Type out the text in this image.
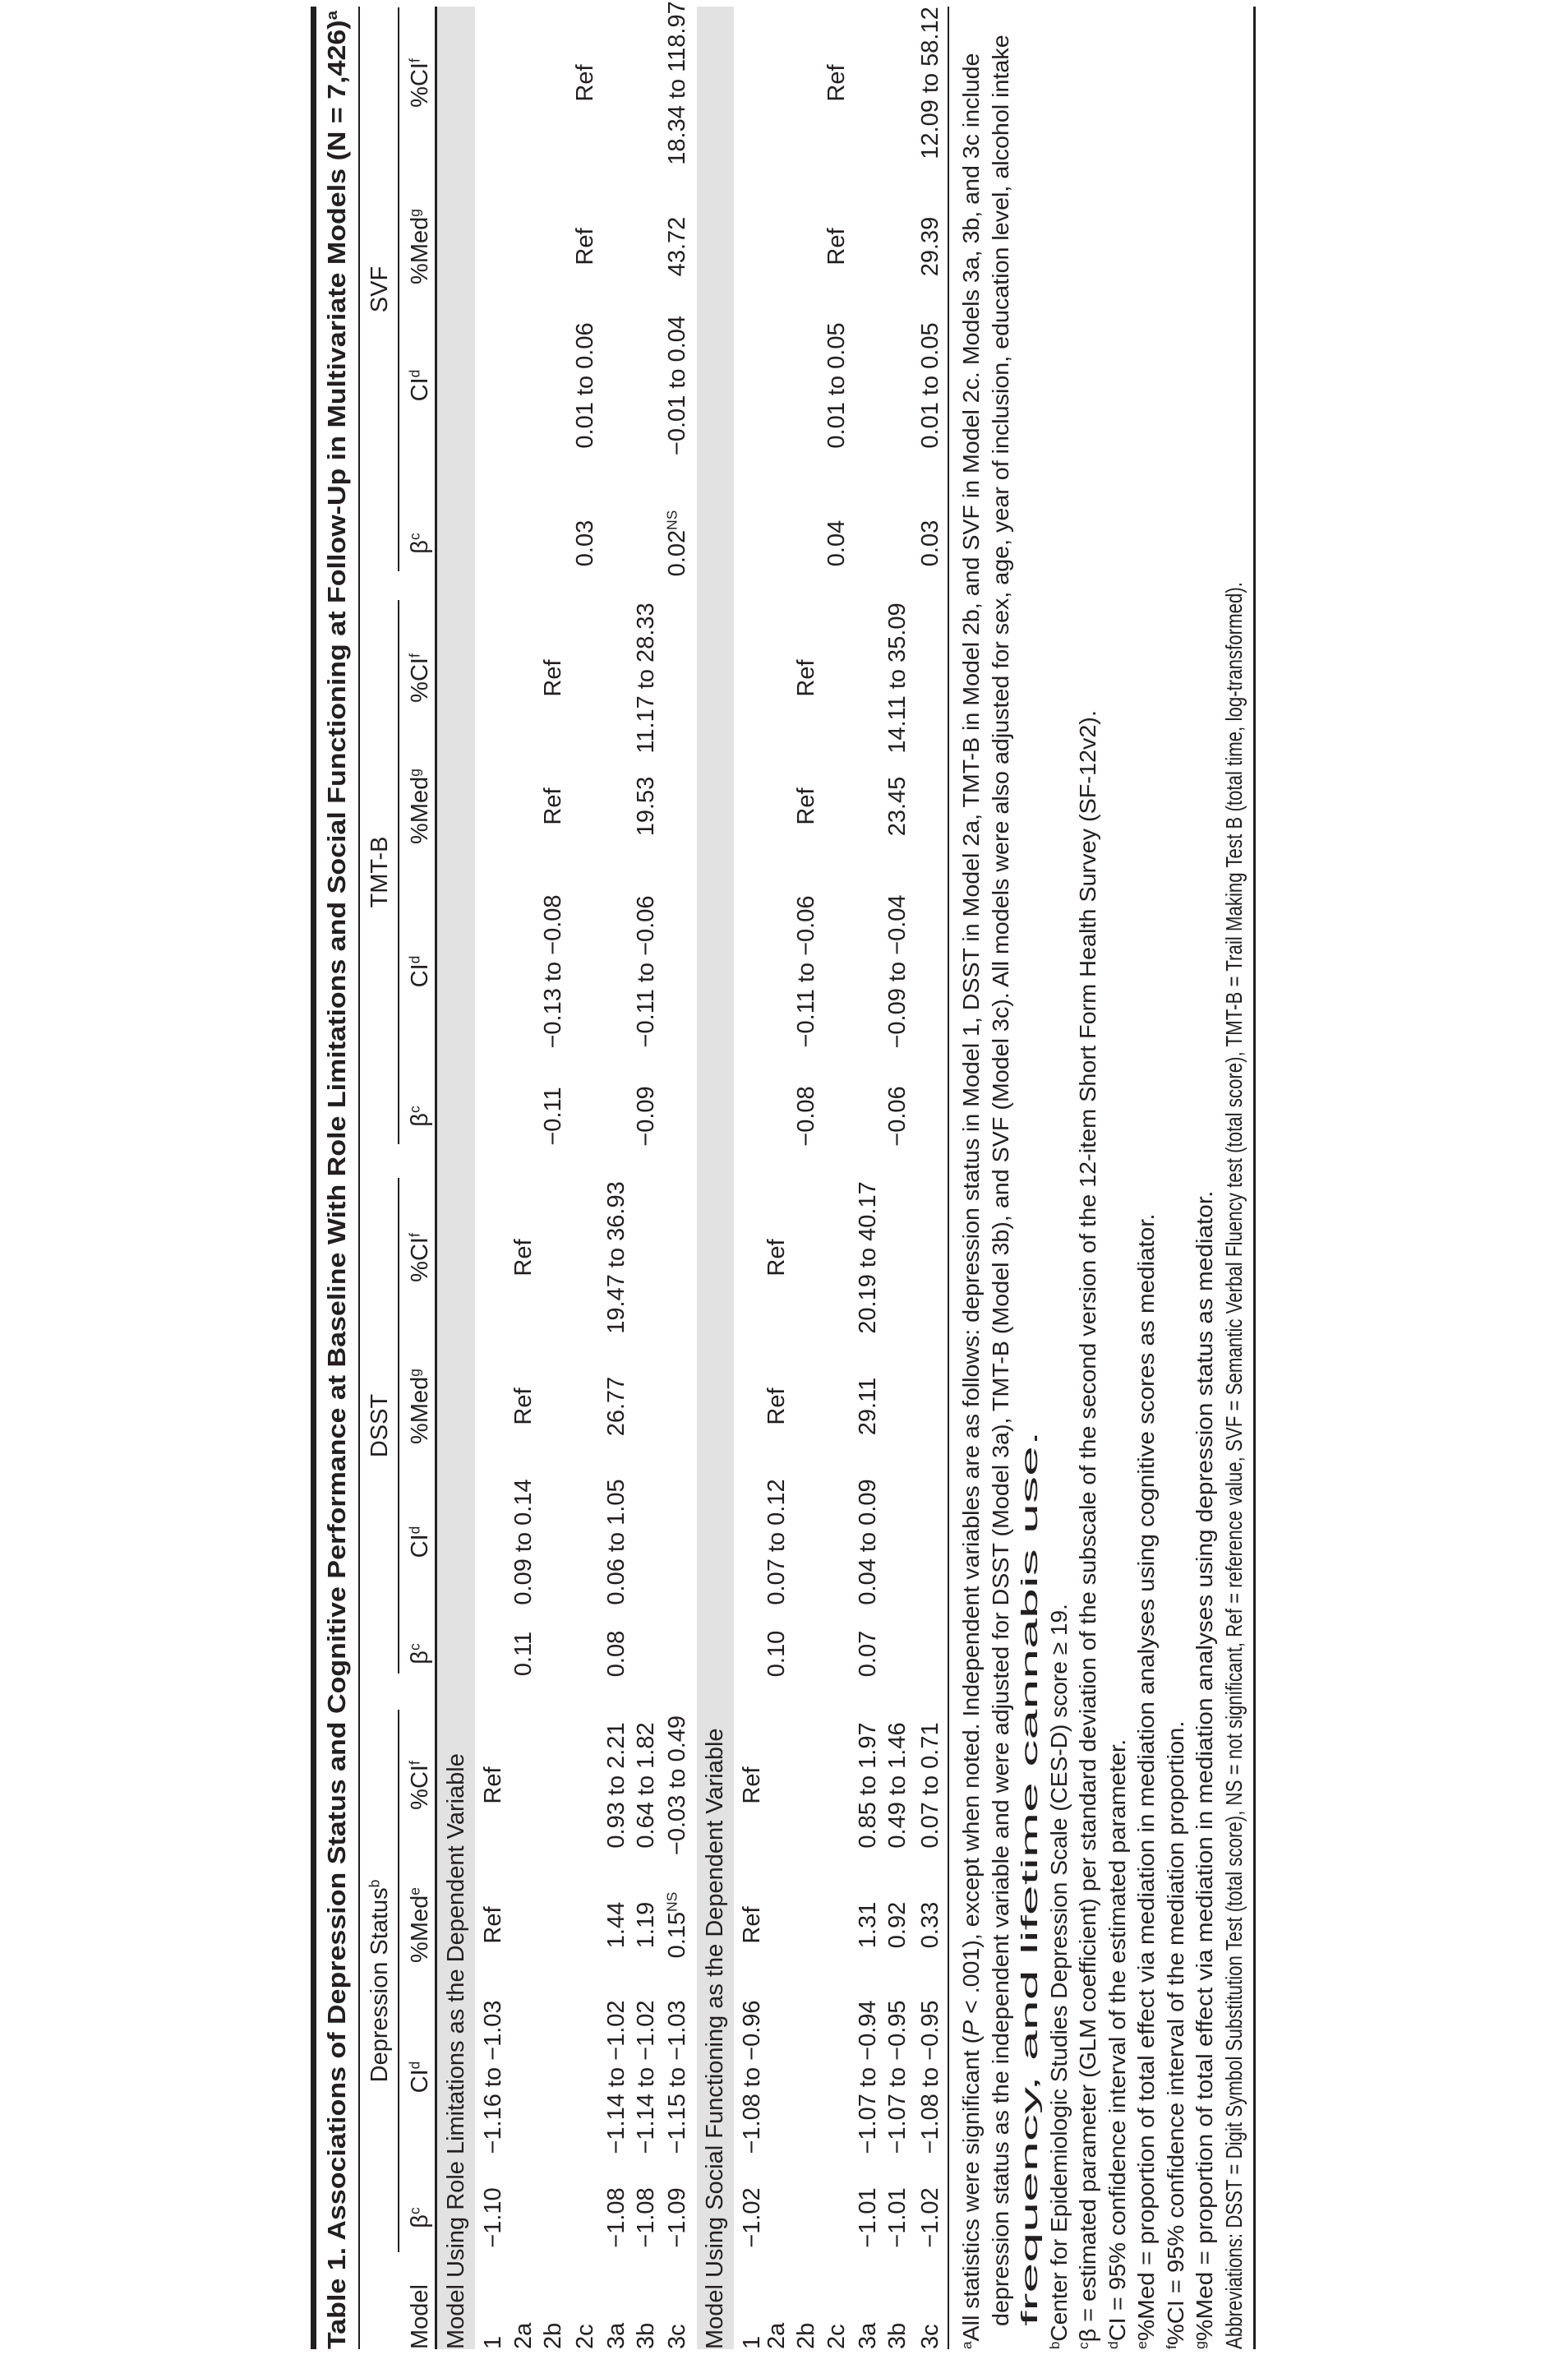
Table 1. Associations of Depression Status and Cognitive Performance at Baseline With Role Limitations and Social Functioning at Follow-Up in Multivariate Models (N = 7,426)$^a$
Model Model Using Role Limitations as the Dependent Variable	Model Using Social Functioning as the Dependent Variable	$^a$All statistics were significant (P < .001), except when noted. Independent variables are as follows: depression status in Model 1, DSST in Model 2a, TMT-B in Model 2b, and SVF in Model 2c. Models 3a, 3b, and 3c include depression status as the independent variable and were adjusted for DSST (Model 3a), TMT-B (Model 3b), and SVF (Model 3c). All models were also adjusted for sex, age, year of inclusion, education level, alcohol intake frequency, and lifetime cannabis use.
$^b$Center for Epidemiologic Studies Depression Scale (CES-D) score ≥ 19.
$^c$β = estimated parameter (GLM coefficient) per standard deviation of the subscale of the second version of the 12-item Short Form Health Survey (SF-12v2).
$^d$CI = 95% confidence interval of the estimated parameter.
$^e$%Med = proportion of total effect via mediation in mediation analyses using cognitive scores as mediator.
$^f$%CI = 95% confidence interval of the mediation proportion. $^g$%Med = proportion of total effect via mediation in mediation analyses using depression status as mediator. Abbreviations: DSST = Digit Symbol Substitution Test (total score), NS = not significant, Ref = reference value, SVF = Semantic Verbal Fluency test (total score), TMT-B = Trail Making Test B (total time, log-transformed).
Depression Status$^b$
$\beta^c$
$CI^d$
%Med$^e$
$\%CI^f$
DSST
$\beta^c$
$CI^d$
%Med$^g$
$\%CI^f$
TMT-B
$\beta^c$
$CI^d$
%Med$^g$
$\%CI^f$
SVF
$\beta^c$
$CI^d$
%Med$^g$
$\%CI^f$
1
−1.10
−1.16 to −1.03
Ref
Ref
2a
0.11
0.09 to 0.14
Ref
Ref
2b
−0.11
−0.13 to −0.08
Ref
Ref
2c
0.03
0.01 to 0.06
Ref
Ref
3a
−1.08
−1.14 to −1.02
1.44
0.93 to 2.21
0.08
0.06 to 1.05
26.77
19.47 to 36.93
3b
−1.08
−1.14 to −1.02
1.19
0.64 to 1.82
−0.09
−0.11 to −0.06
19.53
11.17 to 28.33
3c
−1.09
−1.15 to −1.03
$0.15^{NS}$
−0.03 to 0.49
$0.02^{NS}$
−0.01 to 0.04
43.72
18.34 to 118.97
1
−1.02
−1.08 to −0.96
Ref
Ref
2a
0.10
0.07 to 0.12
Ref
Ref
2b
−0.08
−0.11 to −0.06
Ref
Ref
2c
0.04
0.01 to 0.05
Ref
Ref
3a
−1.01
−1.07 to −0.94
1.31
0.85 to 1.97
0.07
0.04 to 0.09
29.11
20.19 to 40.17
3b
−1.01
−1.07 to −0.95
0.92
0.49 to 1.46
−0.06
−0.09 to −0.04
23.45
14.11 to 35.09
3c
−1.02
−1.08 to −0.95
0.33
0.07 to 0.71
0.03
0.01 to 0.05
29.39
12.09 to 58.12
